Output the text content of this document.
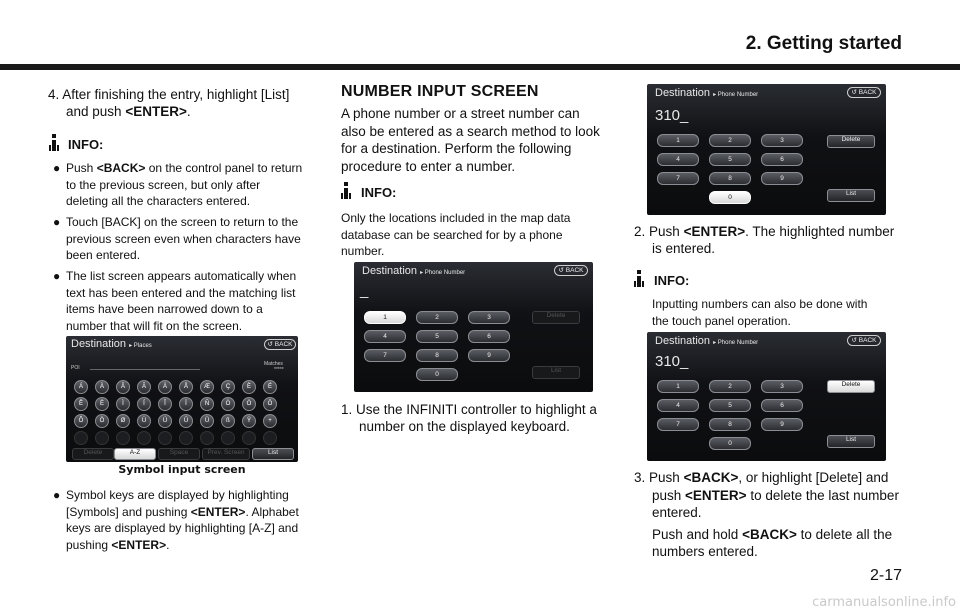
2. Getting started
4. After finishing the entry, highlight [List]
and push <ENTER>.
INFO:
● Push <BACK> on the control panel to return
to the previous screen, but only after
deleting all the characters entered.
● Touch [BACK] on the screen to return to the
previous screen even when characters have
been entered.
● The list screen appears automatically when
text has been entered and the matching list
items have been narrowed down to a
number that will fit on the screen.
Destination ▸ Places	↺ BACK
POI
Matches
*****
Á	À	Â	Ã	Ä	Å	Æ	Ç	È	É
Ê	Ë	Ì	Í	Î	Ï	Ñ	Ò	Ó	Ô
Õ	Ö	Ø	Ù	Ú	Û	Ü	ß	Ÿ	+
Delete	A-Z	Space	Prev. Screen	List
Symbol input screen
● Symbol keys are displayed by highlighting
[Symbols] and pushing <ENTER>. Alphabet
keys are displayed by highlighting [A-Z] and
pushing <ENTER>.
NUMBER INPUT SCREEN
A phone number or a street number can
also be entered as a search method to look
for a destination. Perform the following
procedure to enter a number.
INFO:
Only the locations included in the map data
database can be searched for by a phone
number.
Destination ▸ Phone Number	↺ BACK
_
1	2	3
4	5	6
7	8	9
0
Delete
List
1. Use the INFINITI controller to highlight a
number on the displayed keyboard.
Destination ▸ Phone Number	↺ BACK
310_
1	2	3
4	5	6
7	8	9
0
Delete
List
2. Push <ENTER>. The highlighted number
is entered.
INFO:
Inputting numbers can also be done with
the touch panel operation.
Destination ▸ Phone Number	↺ BACK
310_
1	2	3
4	5	6
7	8	9
0
Delete
List
3. Push <BACK>, or highlight [Delete] and
push <ENTER> to delete the last number
entered.
Push and hold <BACK> to delete all the
numbers entered.
2-17
carmanualsonline.info
